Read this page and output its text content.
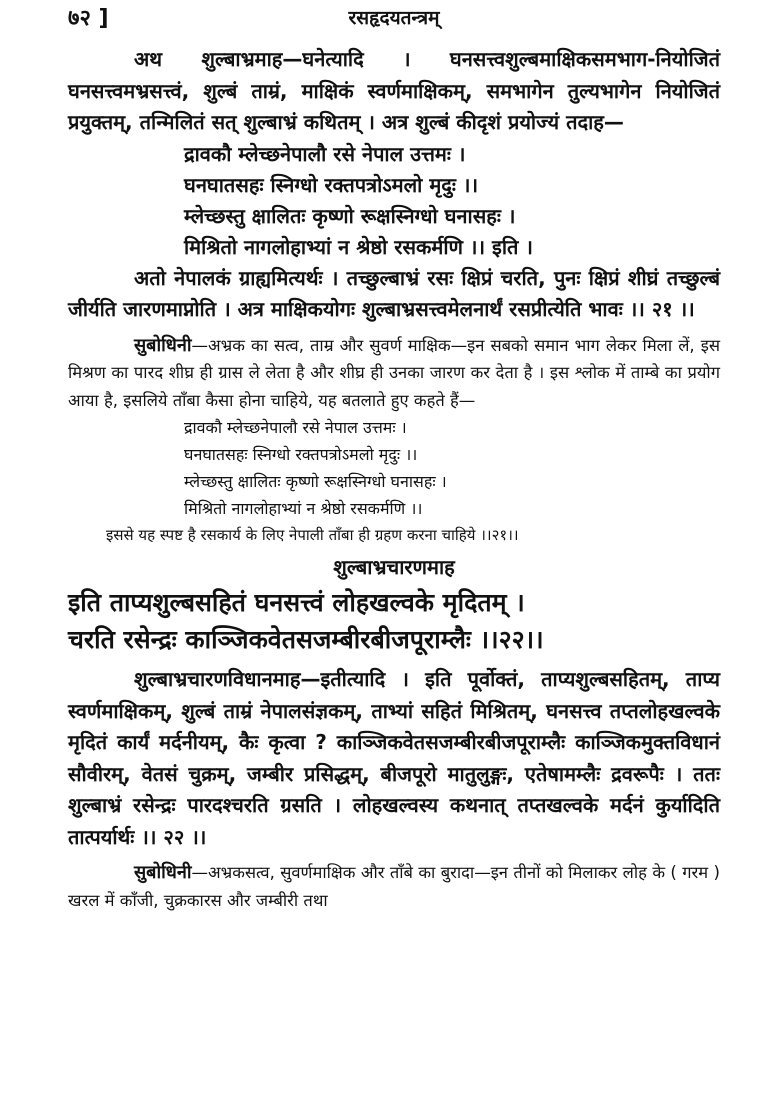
७२ ]	रसहृदयतन्त्रम्

अथ शुल्बाभ्रमाह—घनेत्यादि । घनसत्त्वशुल्बमाक्षिकसमभाग-नियोजितं घनसत्त्वमभ्रसत्त्वं, शुल्बं ताम्रं, माक्षिकं स्वर्णमाक्षिकम्, समभागेन तुल्यभागेन नियोजितं प्रयुक्तम्, तन्मिलितं सत् शुल्बाभ्रं कथितम् । अत्र शुल्बं कीदृशं प्रयोज्यं तदाह—

द्रावकौ म्लेच्छनेपालौ रसे नेपाल उत्तमः ।
घनघातसहः स्निग्धो रक्तपत्रोऽमलो मृदुः ।।
म्लेच्छस्तु क्षालितः कृष्णो रूक्षस्निग्धो घनासहः ।
मिश्रितो नागलोहाभ्यां न श्रेष्ठो रसकर्मणि ।। इति ।

अतो नेपालकं ग्राह्यमित्यर्थः । तच्छुल्बाभ्रं रसः क्षिप्रं चरति, पुनः क्षिप्रं शीघ्रं तच्छुल्बं जीर्यति जारणमाप्नोति । अत्र माक्षिकयोगः शुल्बाभ्रसत्त्वमेलनार्थं रसप्रीत्येति भावः ।। २१ ।।

सुबोधिनी—अभ्रक का सत्व, ताम्र और सुवर्ण माक्षिक—इन सबको समान भाग लेकर मिला लें, इस मिश्रण का पारद शीघ्र ही ग्रास ले लेता है और शीघ्र ही उनका जारण कर देता है । इस श्लोक में ताम्बे का प्रयोग आया है, इसलिये ताँबा कैसा होना चाहिये, यह बतलाते हुए कहते हैं—

द्रावकौ म्लेच्छनेपालौ रसे नेपाल उत्तमः ।
घनघातसहः स्निग्धो रक्तपत्रोऽमलो मृदुः ।।
म्लेच्छस्तु क्षालितः कृष्णो रूक्षस्निग्धो घनासहः ।
मिश्रितो नागलोहाभ्यां न श्रेष्ठो रसकर्मणि ।।

इससे यह स्पष्ट है रसकार्य के लिए नेपाली ताँबा ही ग्रहण करना चाहिये ।।२१।।

शुल्बाभ्रचारणमाह

इति ताप्यशुल्बसहितं घनसत्त्वं लोहखल्वके मृदितम् ।

चरति रसेन्द्रः काञ्जिकवेतसजम्बीरबीजपूराम्लैः ।।२२।।

शुल्बाभ्रचारणविधानमाह—इतीत्यादि । इति पूर्वोक्तं, ताप्यशुल्बसहितम्, ताप्य स्वर्णमाक्षिकम्, शुल्बं ताम्रं नेपालसंज्ञकम्, ताभ्यां सहितं मिश्रितम्, घनसत्त्व तप्तलोहखल्वके मृदितं कार्यं मर्दनीयम्, कैः कृत्वा ? काञ्जिकवेतसजम्बीरबीजपूराम्लैः काञ्जिकमुक्तविधानं सौवीरम्, वेतसं चुक्रम्, जम्बीर प्रसिद्धम्, बीजपूरो मातुलुङ्गः, एतेषामम्लैः द्रवरूपैः । ततः शुल्बाभ्रं रसेन्द्रः पारदश्चरति ग्रसति । लोहखल्वस्य कथनात् तप्तखल्वके मर्दनं कुर्यादिति तात्पर्यार्थः ।। २२ ।।

सुबोधिनी—अभ्रकसत्व, सुवर्णमाक्षिक और ताँबे का बुरादा—इन तीनों को मिलाकर लोह के ( गरम ) खरल में काँजी, चुक्रकारस और जम्बीरी तथा
